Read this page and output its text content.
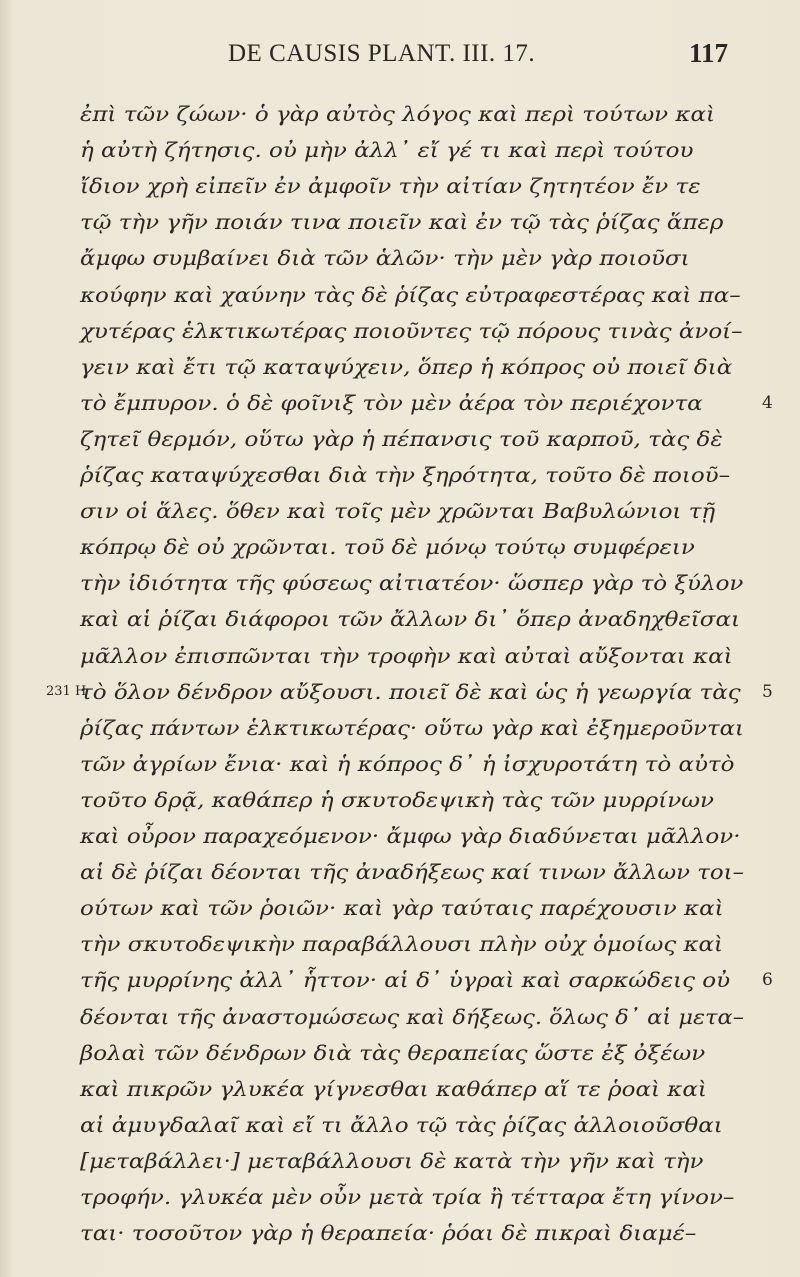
DE CAUSIS PLANT. III. 17.	117
ἐπὶ τῶν ζώων· ὁ γὰρ αὐτὸς λόγος καὶ περὶ τούτων καὶ
ἡ αὐτὴ ζήτησις. οὐ μὴν ἀλλ᾽ εἴ γέ τι καὶ περὶ τούτου
ἴδιον χρὴ εἰπεῖν ἐν ἀμφοῖν τὴν αἰτίαν ζητητέον ἔν τε
τῷ τὴν γῆν ποιάν τινα ποιεῖν καὶ ἐν τῷ τὰς ῥίζας ἅπερ
ἄμφω συμβαίνει διὰ τῶν ἁλῶν· τὴν μὲν γὰρ ποιοῦσι
κούφην καὶ χαύνην τὰς δὲ ῥίζας εὐτραφεστέρας καὶ πα–
χυτέρας ἑλκτικωτέρας ποιοῦντες τῷ πόρους τινὰς ἀνοί–
γειν καὶ ἔτι τῷ καταψύχειν, ὅπερ ἡ κόπρος οὐ ποιεῖ διὰ
τὸ ἔμπυρον. ὁ δὲ φοῖνιξ τὸν μὲν ἀέρα τὸν περιέχοντα	4
ζητεῖ θερμόν, οὕτω γὰρ ἡ πέπανσις τοῦ καρποῦ, τὰς δὲ
ῥίζας καταψύχεσθαι διὰ τὴν ξηρότητα, τοῦτο δὲ ποιοῦ–
σιν οἱ ἅλες. ὅθεν καὶ τοῖς μὲν χρῶνται Βαβυλώνιοι τῇ
κόπρῳ δὲ οὐ χρῶνται. τοῦ δὲ μόνῳ τούτῳ συμφέρειν
τὴν ἰδιότητα τῆς φύσεως αἰτιατέον· ὥσπερ γὰρ τὸ ξύλον
καὶ αἱ ῥίζαι διάφοροι τῶν ἄλλων δι᾽ ὅπερ ἀναδηχθεῖσαι
μᾶλλον ἐπισπῶνται τὴν τροφὴν καὶ αὐταὶ αὔξονται καὶ
τὸ ὅλον δένδρον αὔξουσι. ποιεῖ δὲ καὶ ὡς ἡ γεωργία τὰς
231 H	5
ῥίζας πάντων ἑλκτικωτέρας· οὕτω γὰρ καὶ ἐξημεροῦνται
τῶν ἀγρίων ἔνια· καὶ ἡ κόπρος δ᾽ ἡ ἰσχυροτάτη τὸ αὐτὸ
τοῦτο δρᾷ, καθάπερ ἡ σκυτοδεψικὴ τὰς τῶν μυρρίνων
καὶ οὖρον παραχεόμενον· ἄμφω γὰρ διαδύνεται μᾶλλον·
αἱ δὲ ῥίζαι δέονται τῆς ἀναδήξεως καί τινων ἄλλων τοι–
ούτων καὶ τῶν ῥοιῶν· καὶ γὰρ ταύταις παρέχουσιν καὶ
τὴν σκυτοδεψικὴν παραβάλλουσι πλὴν οὐχ ὁμοίως καὶ
τῆς μυρρίνης ἀλλ᾽ ἧττον· αἱ δ᾽ ὑγραὶ καὶ σαρκώδεις οὐ 6
δέονται τῆς ἀναστομώσεως καὶ δήξεως. ὅλως δ᾽ αἱ μετα–
βολαὶ τῶν δένδρων διὰ τὰς θεραπείας ὥστε ἐξ ὀξέων
καὶ πικρῶν γλυκέα γίγνεσθαι καθάπερ αἵ τε ῥοαὶ καὶ
αἱ ἀμυγδαλαῖ καὶ εἴ τι ἄλλο τῷ τὰς ῥίζας ἀλλοιοῦσθαι
[μεταβάλλει·] μεταβάλλουσι δὲ κατὰ τὴν γῆν καὶ τὴν
τροφήν. γλυκέα μὲν οὖν μετὰ τρία ἢ τέτταρα ἔτη γίνον–
ται· τοσοῦτον γὰρ ἡ θεραπεία· ῥόαι δὲ πικραὶ διαμέ–
